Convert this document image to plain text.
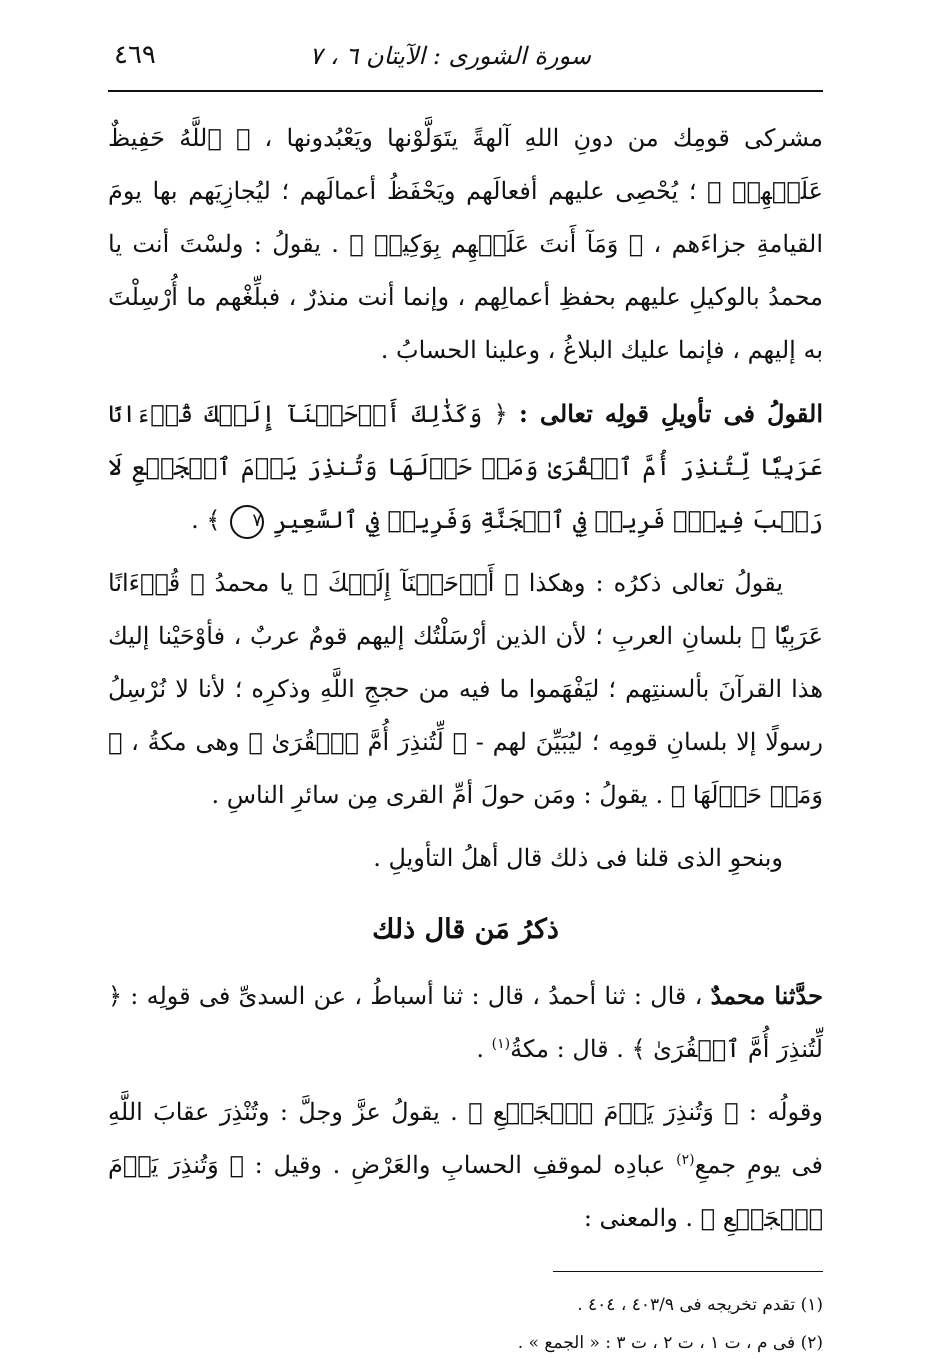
سورة الشورى : الآيتان ٦ ، ٧
٤٦٩

مشركى قومِك من دونِ اللهِ آلهةً يتَوَلَّوْنها ويَعْبُدونها ، ﴿ ٱللَّهُ حَفِيظٌ عَلَيۡهِمۡ ﴾ ؛ يُحْصِى عليهم أفعالَهم ويَحْفَظُ أعمالَهم ؛ ليُجازِيَهم بها يومَ القيامةِ جزاءَهم ، ﴿ وَمَآ أَنتَ عَلَيۡهِم بِوَكِيلٖ ﴾ . يقولُ : ولسْتَ أنت يا محمدُ بالوكيلِ عليهم بحفظِ أعمالِهم ، وإنما أنت منذرٌ ، فبلِّغْهم ما أُرْسِلْتَ به إليهم ، فإنما عليك البلاغُ ، وعلينا الحسابُ .

القولُ فى تأويلِ قولِه تعالى : ﴿ وَكَذَٰلِكَ أَوۡحَيۡنَآ إِلَيۡكَ قُرۡءَانًا عَرَبِيّٗا لِّتُنذِرَ أُمَّ ٱلۡقُرَىٰ وَمَنۡ حَوۡلَهَا وَتُنذِرَ يَوۡمَ ٱلۡجَمۡعِ لَا رَيۡبَ فِيهِۚ فَرِيقٞ فِي ٱلۡجَنَّةِ وَفَرِيقٞ فِي ٱلسَّعِيرِ ٧ ﴾ .

يقولُ تعالى ذكرُه : وهكذا ﴿ أَوۡحَيۡنَآ إِلَيۡكَ ﴾ يا محمدُ ﴿ قُرۡءَانًا عَرَبِيّٗا ﴾ بلسانِ العربِ ؛ لأن الذين أرْسَلْتُك إليهم قومٌ عربٌ ، فأوْحَيْنا إليك هذا القرآنَ بألسنتِهم ؛ ليَفْهَموا ما فيه من حججِ اللَّهِ وذكرِه ؛ لأنا لا نُرْسِلُ رسولًا إلا بلسانِ قومِه ؛ ليُبَيِّنَ لهم - ﴿ لِّتُنذِرَ أُمَّ ٱلۡقُرَىٰ ﴾ وهى مكةُ ، ﴿ وَمَنۡ حَوۡلَهَا ﴾ . يقولُ : ومَن حولَ أمِّ القرى مِن سائرِ الناسِ .

وبنحوِ الذى قلنا فى ذلك قال أهلُ التأويلِ .

ذكرُ مَن قال ذلك

حدَّثنا محمدٌ ، قال : ثنا أحمدُ ، قال : ثنا أسباطُ ، عن السدىِّ فى قولِه : ﴿ لِّتُنذِرَ أُمَّ ٱلۡقُرَىٰ ﴾ . قال : مكةُ$^{(١)}$ .

وقولُه : ﴿ وَتُنذِرَ يَوۡمَ ٱلۡجَمۡعِ ﴾ . يقولُ عزَّ وجلَّ : وتُنْذِرَ عقابَ اللَّهِ فى يومِ جمعِ$^{(٢)}$ عبادِه لموقفِ الحسابِ والعَرْضِ . وقيل : ﴿ وَتُنذِرَ يَوۡمَ ٱلۡجَمۡعِ ﴾ . والمعنى :

(١) تقدم تخريجه فى ٤٠٣/٩ ، ٤٠٤ .

(٢) فى م ، ت ١ ، ت ٢ ، ت ٣ : « الجمع » .
